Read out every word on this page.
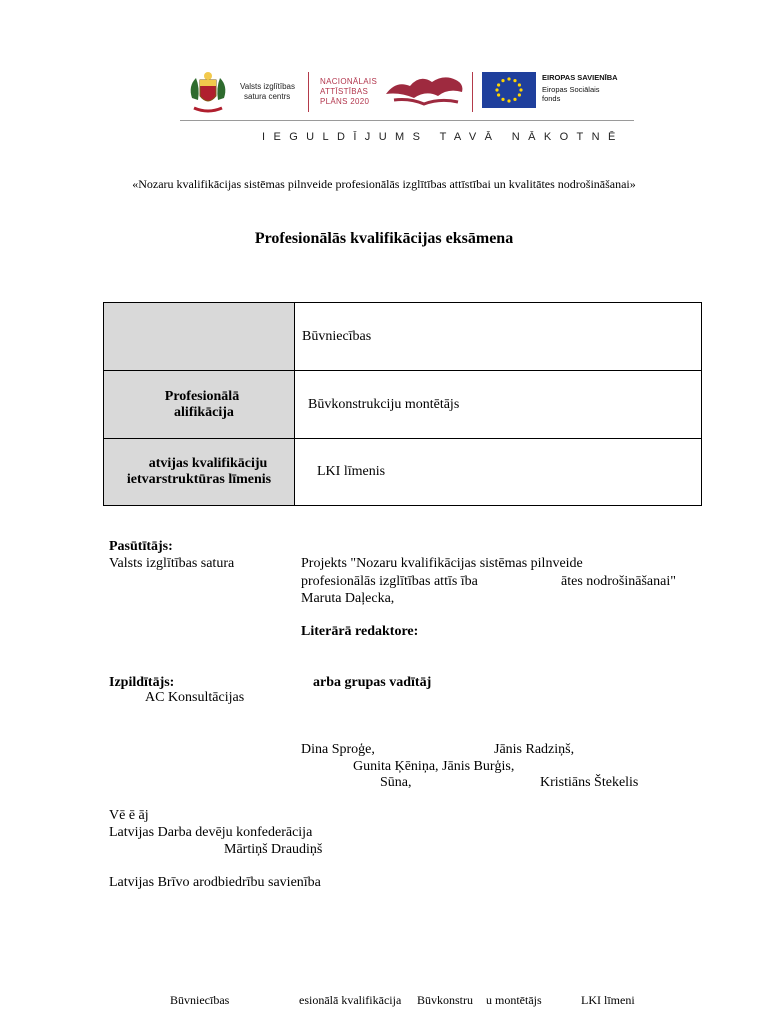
Valsts izglītības
satura centrs
NACIONĀLAIS
ATTĪSTĪBAS
PLĀNS 2020
EIROPAS SAVIENĪBA
Eiropas Sociālais
fonds
IEGULDĪJUMS TAVĀ NĀKOTNĒ
«Nozaru kvalifikācijas sistēmas pilnveide profesionālās izglītības attīstībai un kvalitātes nodrošināšanai»
Profesionālās kvalifikācijas eksāmena
	Būvniecības

Profesionālā
alifikācija	Būvkonstrukciju montētājs

atvijas kvalifikāciju
ietvarstruktūras līmenis	LKI līmenis
Pasūtītājs:
Valsts izglītības satura	Projekts "Nozaru kvalifikācijas sistēmas pilnveide
profesionālās izglītības attīs ība	ātes nodrošināšanai"
Maruta Daļecka,
Literārā redaktore:
Izpildītājs:	arba grupas vadītāj
AC Konsultācijas
Dina Sproģe,	Jānis Radziņš,
Gunita Ķēniņa, Jānis Burģis,
Sūna,	Kristiāns Štekelis
Vē ē āj
Latvijas Darba devēju konfederācija
Mārtiņš Draudiņš
Latvijas Brīvo arodbiedrību savienība
Būvniecības	esionālā kvalifikācija Būvkonstru u montētājs	LKI līmeni
